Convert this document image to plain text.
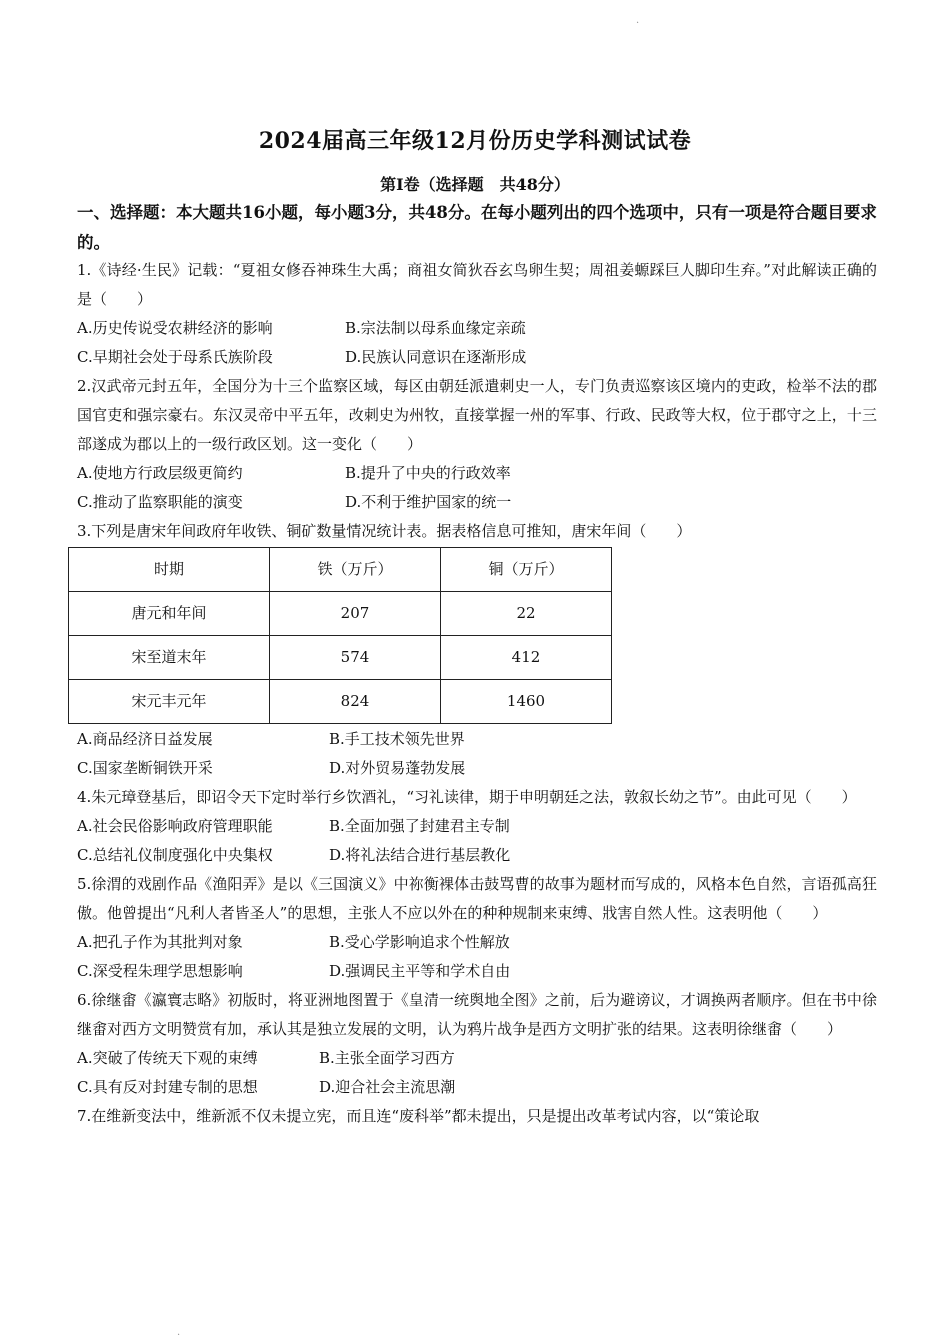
·
·
2024届高三年级12月份历史学科测试试卷
第Ⅰ卷（选择题　共48分）
一、选择题：本大题共16小题，每小题3分，共48分。在每小题列出的四个选项中，只有一项是符合题目要求的。

1.《诗经·生民》记载：“夏祖女修吞神珠生大禹；商祖女简狄吞玄鸟卵生契；周祖姜螈踩巨人脚印生弃。”对此解读正确的是（　　）

A.历史传说受农耕经济的影响	B.宗法制以母系血缘定亲疏

C.早期社会处于母系氏族阶段	D.民族认同意识在逐渐形成

2.汉武帝元封五年，全国分为十三个监察区域，每区由朝廷派遣刺史一人，专门负责巡察该区境内的吏政，检举不法的郡国官吏和强宗豪右。东汉灵帝中平五年，改刺史为州牧，直接掌握一州的军事、行政、民政等大权，位于郡守之上，十三部遂成为郡以上的一级行政区划。这一变化（　　）

A.使地方行政层级更简约	B.提升了中央的行政效率

C.推动了监察职能的演变	D.不利于维护国家的统一

3.下列是唐宋年间政府年收铁、铜矿数量情况统计表。据表格信息可推知，唐宋年间（　　）

时期	铁（万斤）	铜（万斤）
唐元和年间	207	22
宋至道末年	574	412
宋元丰元年	824	1460

A.商品经济日益发展	B.手工技术领先世界

C.国家垄断铜铁开采	D.对外贸易蓬勃发展

4.朱元璋登基后，即诏令天下定时举行乡饮酒礼，“习礼读律，期于申明朝廷之法，敦叙长幼之节”。由此可见（　　）

A.社会民俗影响政府管理职能	B.全面加强了封建君主专制

C.总结礼仪制度强化中央集权	D.将礼法结合进行基层教化

5.徐渭的戏剧作品《渔阳弄》是以《三国演义》中祢衡裸体击鼓骂曹的故事为题材而写成的，风格本色自然，言语孤高狂傲。他曾提出“凡利人者皆圣人”的思想，主张人不应以外在的种种规制来束缚、戕害自然人性。这表明他（　　）

A.把孔子作为其批判对象	B.受心学影响追求个性解放

C.深受程朱理学思想影响	D.强调民主平等和学术自由

6.徐继畬《瀛寰志略》初版时，将亚洲地图置于《皇清一统舆地全图》之前，后为避谤议，才调换两者顺序。但在书中徐继畬对西方文明赞赏有加，承认其是独立发展的文明，认为鸦片战争是西方文明扩张的结果。这表明徐继畬（　　）

A.突破了传统天下观的束缚	B.主张全面学习西方

C.具有反对封建专制的思想	D.迎合社会主流思潮

7.在维新变法中，维新派不仅未提立宪，而且连“废科举”都未提出，只是提出改革考试内容，以“策论取
